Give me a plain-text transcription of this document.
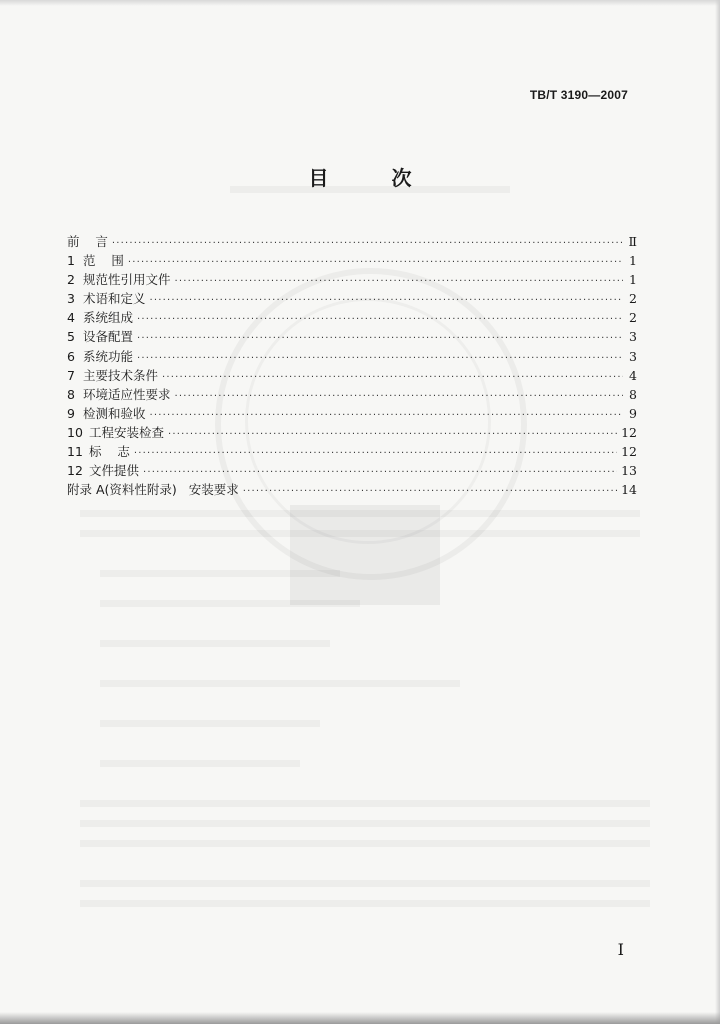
TB/T 3190—2007
目 次
前    言 ·····	Ⅱ
1 范    围 ·····	1
2 规范性引用文件 ·····	1
3 术语和定义 ·····	2
4 系统组成 ·····	2
5 设备配置 ·····	3
6 系统功能 ·····	3
7 主要技术条件 ·····	4
8 环境适应性要求 ·····	8
9 检测和验收 ·····	9
10 工程安装检查 ·····	12
11 标    志 ·····	12
12 文件提供 ·····	13
附录 A(资料性附录)   安装要求 ·····	14
I
